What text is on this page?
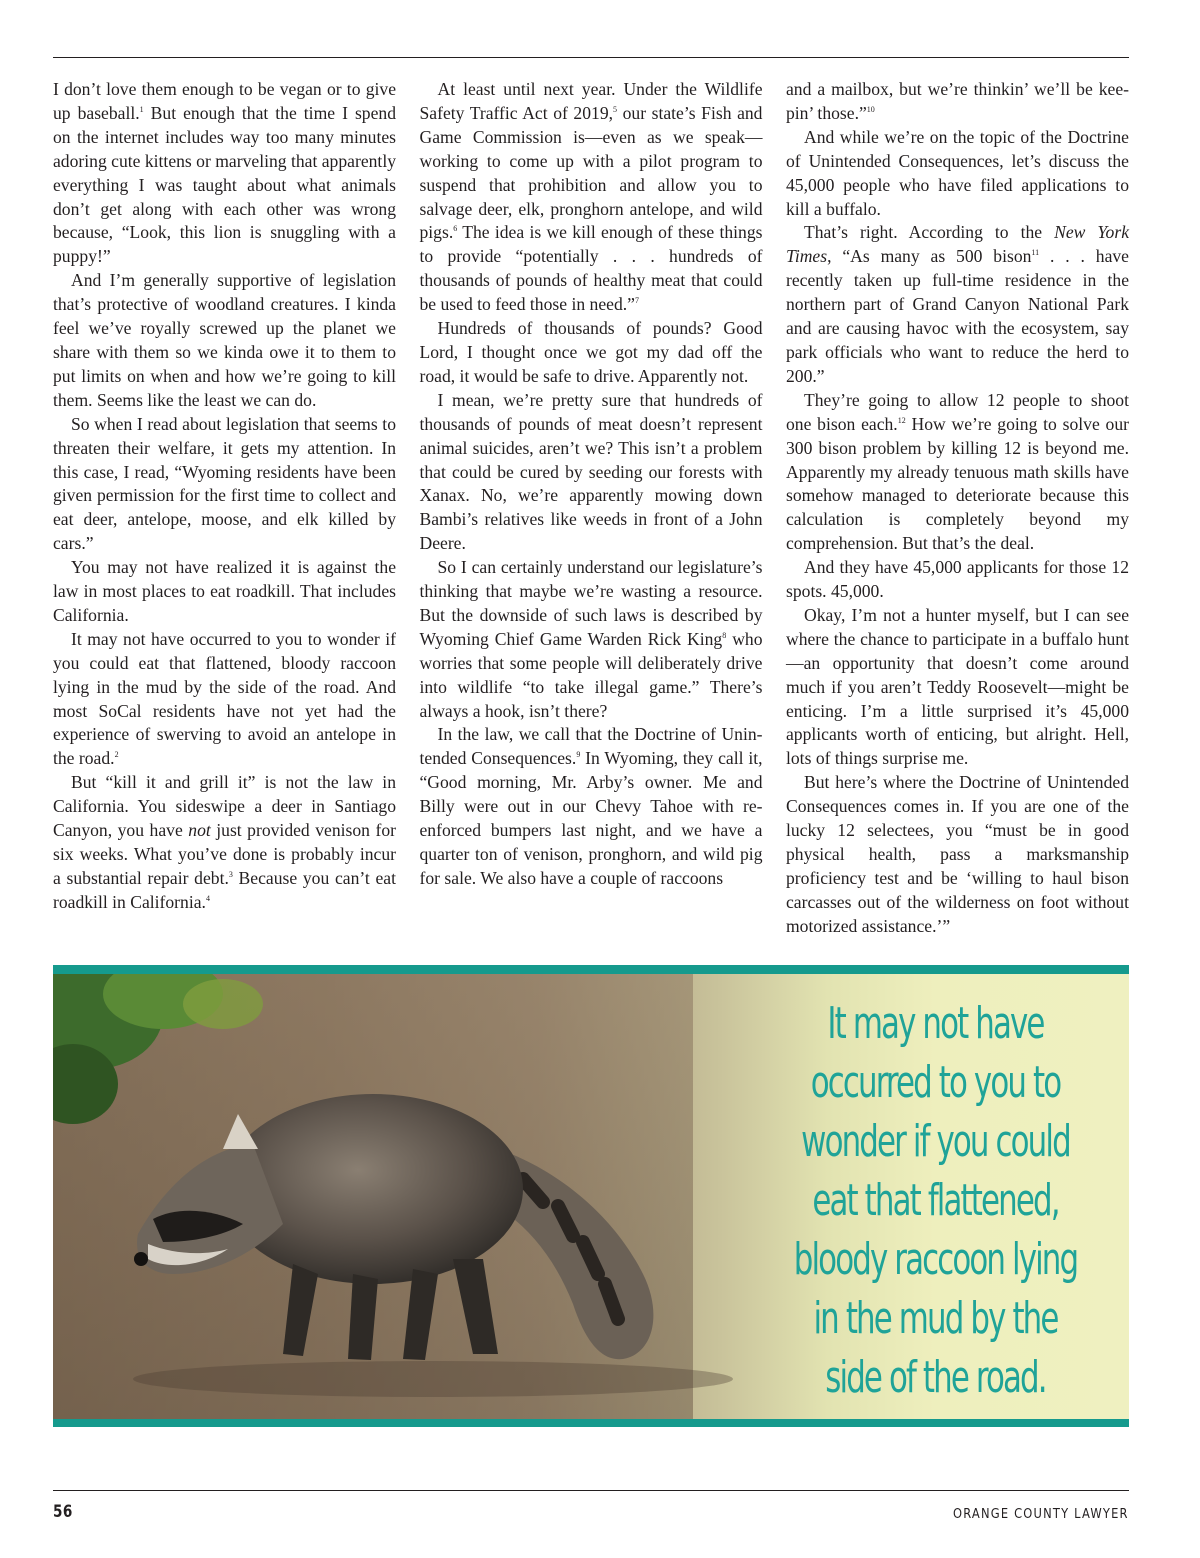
I don’t love them enough to be vegan or to give up baseball.$^1$ But enough that the time I spend on the internet includes way too many minutes adoring cute kittens or marveling that apparently everything I was taught about what animals don’t get along with each other was wrong because, “Look, this lion is snuggling with a puppy!”

And I’m generally supportive of legislation that’s protective of woodland creatures. I kinda feel we’ve royally screwed up the planet we share with them so we kinda owe it to them to put limits on when and how we’re going to kill them. Seems like the least we can do.

So when I read about legislation that seems to threaten their welfare, it gets my attention. In this case, I read, “Wyoming residents have been given permission for the first time to collect and eat deer, antelope, moose, and elk killed by cars.”

You may not have realized it is against the law in most places to eat roadkill. That includes California.

It may not have occurred to you to wonder if you could eat that flattened, bloody raccoon lying in the mud by the side of the road. And most SoCal residents have not yet had the experience of swerving to avoid an antelope in the road.$^2$

But “kill it and grill it” is not the law in California. You sideswipe a deer in Santiago Canyon, you have not just provided venison for six weeks. What you’ve done is probably incur a substantial repair debt.$^3$ Because you can’t eat roadkill in California.$^4$

At least until next year. Under the Wildlife Safety Traffic Act of 2019,$^5$ our state’s Fish and Game Commission is—even as we speak—working to come up with a pilot program to suspend that prohibition and allow you to salvage deer, elk, pronghorn antelope, and wild pigs.$^6$ The idea is we kill enough of these things to provide “potentially . . . hundreds of thousands of pounds of healthy meat that could be used to feed those in need.”$^7$

Hundreds of thousands of pounds? Good Lord, I thought once we got my dad off the road, it would be safe to drive. Apparently not.

I mean, we’re pretty sure that hundreds of thousands of pounds of meat doesn’t represent animal suicides, aren’t we? This isn’t a problem that could be cured by seeding our forests with Xanax. No, we’re apparently mowing down Bambi’s relatives like weeds in front of a John Deere.

So I can certainly understand our legislature’s thinking that maybe we’re wasting a resource. But the downside of such laws is described by Wyoming Chief Game Warden Rick King$^8$ who worries that some people will deliberately drive into wildlife “to take illegal game.” There’s always a hook, isn’t there?

In the law, we call that the Doctrine of Unintended Consequences.$^9$ In Wyoming, they call it, “Good morning, Mr. Arby’s owner. Me and Billy were out in our Chevy Tahoe with reenforced bumpers last night, and we have a quarter ton of venison, pronghorn, and wild pig for sale. We also have a couple of raccoons

and a mailbox, but we’re thinkin’ we’ll be keepin’ those.”$^{10}$

And while we’re on the topic of the Doctrine of Unintended Consequences, let’s discuss the 45,000 people who have filed applications to kill a buffalo.

That’s right. According to the New York Times, “As many as 500 bison$^{11}$ . . . have recently taken up full-time residence in the northern part of Grand Canyon National Park and are causing havoc with the ecosystem, say park officials who want to reduce the herd to 200.”

They’re going to allow 12 people to shoot one bison each.$^{12}$ How we’re going to solve our 300 bison problem by killing 12 is beyond me. Apparently my already tenuous math skills have somehow managed to deteriorate because this calculation is completely beyond my comprehension. But that’s the deal.

And they have 45,000 applicants for those 12 spots. 45,000.

Okay, I’m not a hunter myself, but I can see where the chance to participate in a buffalo hunt—an opportunity that doesn’t come around much if you aren’t Teddy Roosevelt—might be enticing. I’m a little surprised it’s 45,000 applicants worth of enticing, but alright. Hell, lots of things surprise me.

But here’s where the Doctrine of Unintended Consequences comes in. If you are one of the lucky 12 selectees, you “must be in good physical health, pass a marksmanship proficiency test and be ‘willing to haul bison carcasses out of the wilderness on foot without motorized assistance.’”

It may not have
occurred to you to
wonder if you could
eat that flattened,
bloody raccoon lying
in the mud by the
side of the road.
56	ORANGE COUNTY LAWYER
